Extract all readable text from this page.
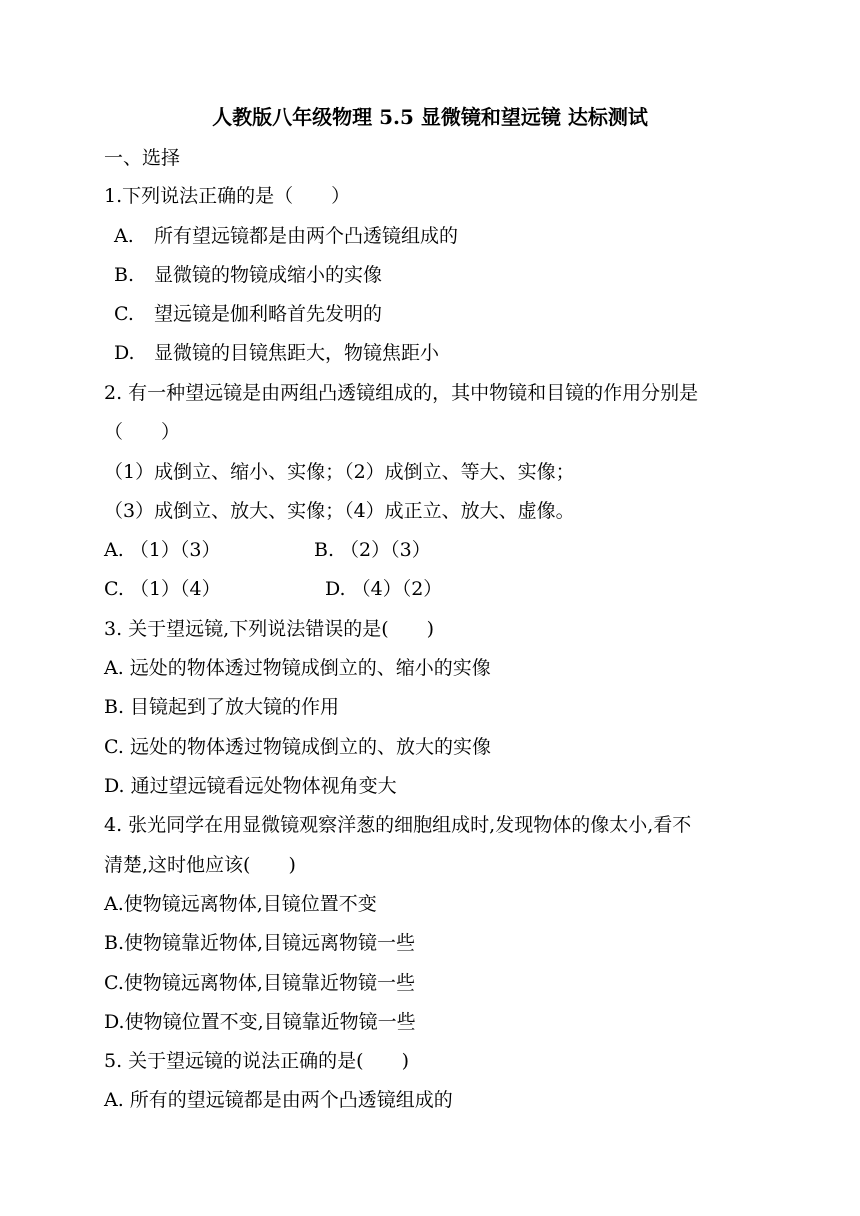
人教版八年级物理 5.5 显微镜和望远镜 达标测试
一、选择
1.下列说法正确的是（　　）
A. 所有望远镜都是由两个凸透镜组成的
B. 显微镜的物镜成缩小的实像
C. 望远镜是伽利略首先发明的
D. 显微镜的目镜焦距大，物镜焦距小
2. 有一种望远镜是由两组凸透镜组成的，其中物镜和目镜的作用分别是
（　　）
（1）成倒立、缩小、实像；（2）成倒立、等大、实像；
（3）成倒立、放大、实像；（4）成正立、放大、虚像。
A. （1）（3）	B. （2）（3）
C. （1）（4）	D. （4）（2）
3. 关于望远镜,下列说法错误的是(　　)
A. 远处的物体透过物镜成倒立的、缩小的实像
B. 目镜起到了放大镜的作用
C. 远处的物体透过物镜成倒立的、放大的实像
D. 通过望远镜看远处物体视角变大
4. 张光同学在用显微镜观察洋葱的细胞组成时,发现物体的像太小,看不
清楚,这时他应该(　　)
A.使物镜远离物体,目镜位置不变
B.使物镜靠近物体,目镜远离物镜一些
C.使物镜远离物体,目镜靠近物镜一些
D.使物镜位置不变,目镜靠近物镜一些
5. 关于望远镜的说法正确的是(　　)
A. 所有的望远镜都是由两个凸透镜组成的
